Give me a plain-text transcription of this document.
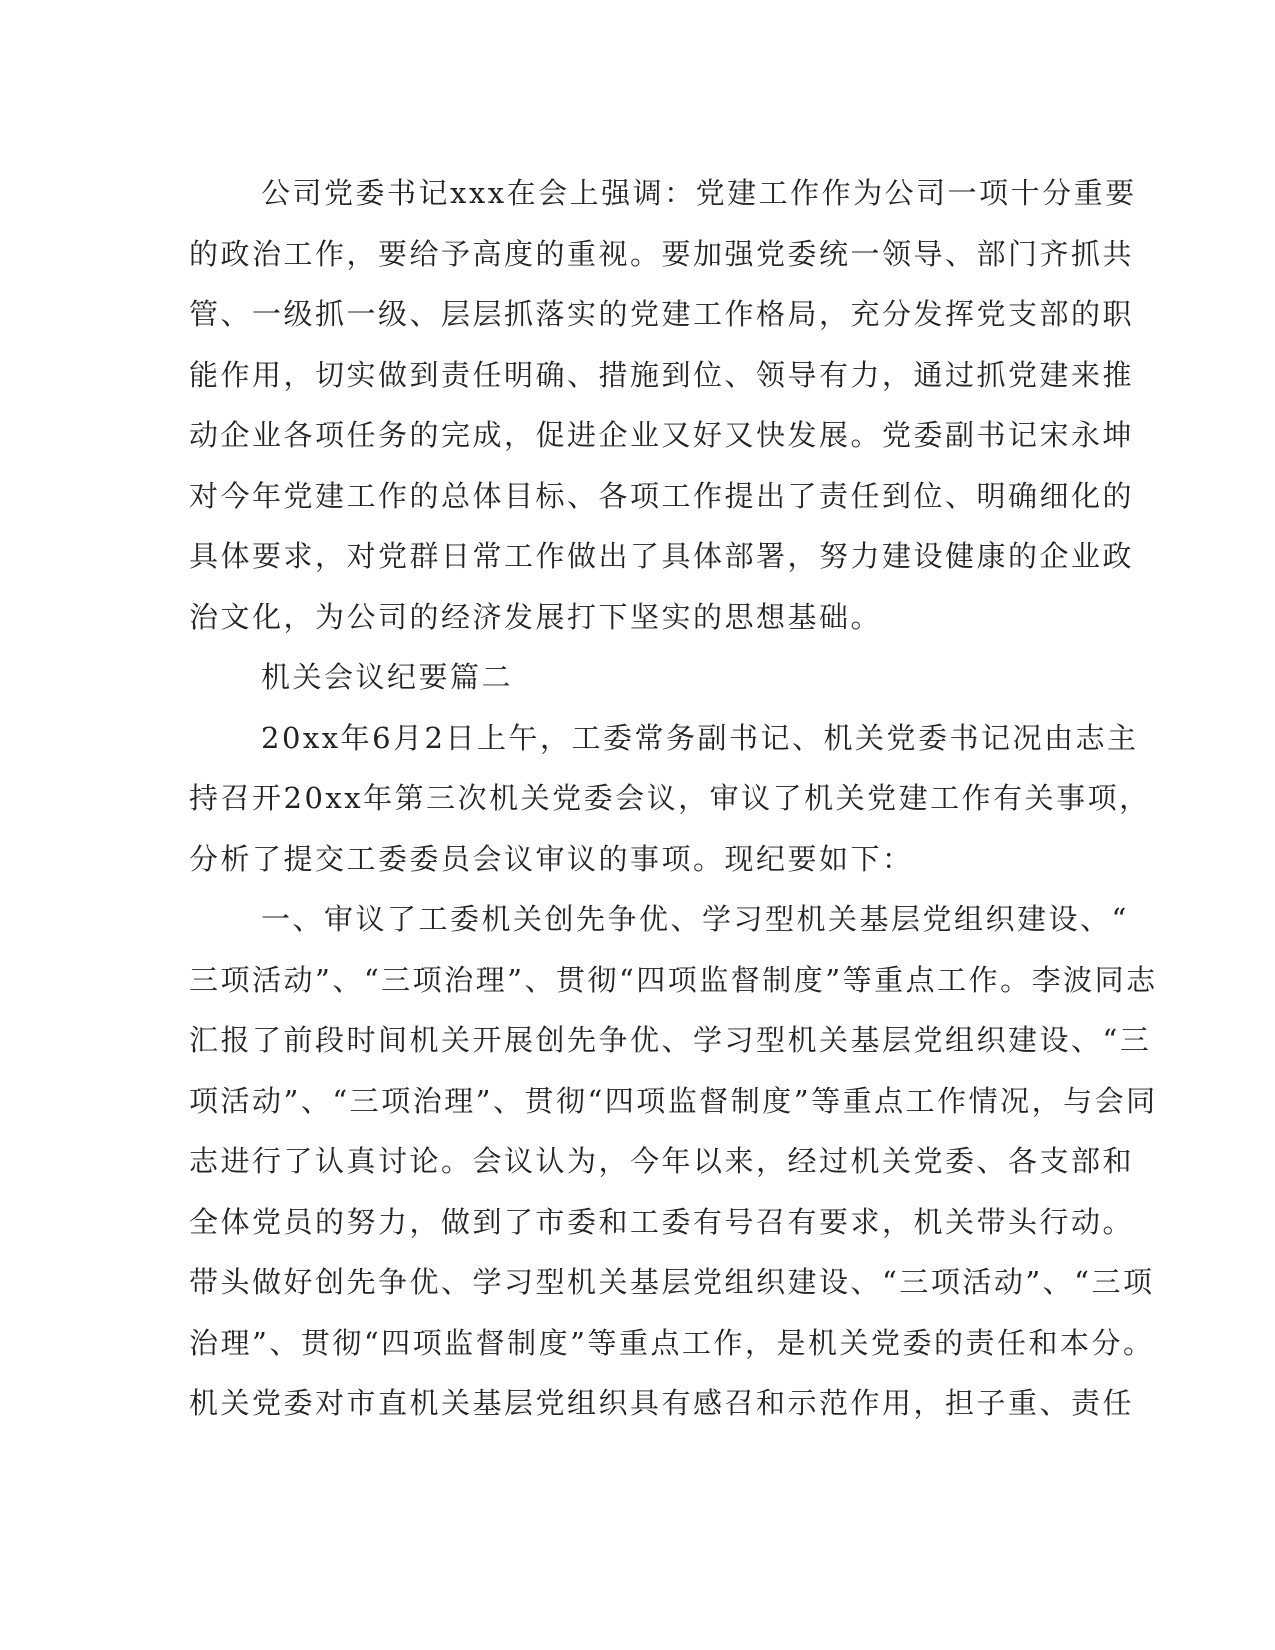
公司党委书记xxx在会上强调：党建工作作为公司一项十分重要
的政治工作，要给予高度的重视。要加强党委统一领导、部门齐抓共
管、一级抓一级、层层抓落实的党建工作格局，充分发挥党支部的职
能作用，切实做到责任明确、措施到位、领导有力，通过抓党建来推
动企业各项任务的完成，促进企业又好又快发展。党委副书记宋永坤
对今年党建工作的总体目标、各项工作提出了责任到位、明确细化的
具体要求，对党群日常工作做出了具体部署，努力建设健康的企业政
治文化，为公司的经济发展打下坚实的思想基础。
机关会议纪要篇二
20xx年6月2日上午，工委常务副书记、机关党委书记况由志主
持召开20xx年第三次机关党委会议，审议了机关党建工作有关事项，
分析了提交工委委员会议审议的事项。现纪要如下：
一、审议了工委机关创先争优、学习型机关基层党组织建设、“
三项活动”、“三项治理”、贯彻“四项监督制度”等重点工作。李波同志
汇报了前段时间机关开展创先争优、学习型机关基层党组织建设、“三
项活动”、“三项治理”、贯彻“四项监督制度”等重点工作情况，与会同
志进行了认真讨论。会议认为，今年以来，经过机关党委、各支部和
全体党员的努力，做到了市委和工委有号召有要求，机关带头行动。
带头做好创先争优、学习型机关基层党组织建设、“三项活动”、“三项
治理”、贯彻“四项监督制度”等重点工作，是机关党委的责任和本分。
机关党委对市直机关基层党组织具有感召和示范作用，担子重、责任
